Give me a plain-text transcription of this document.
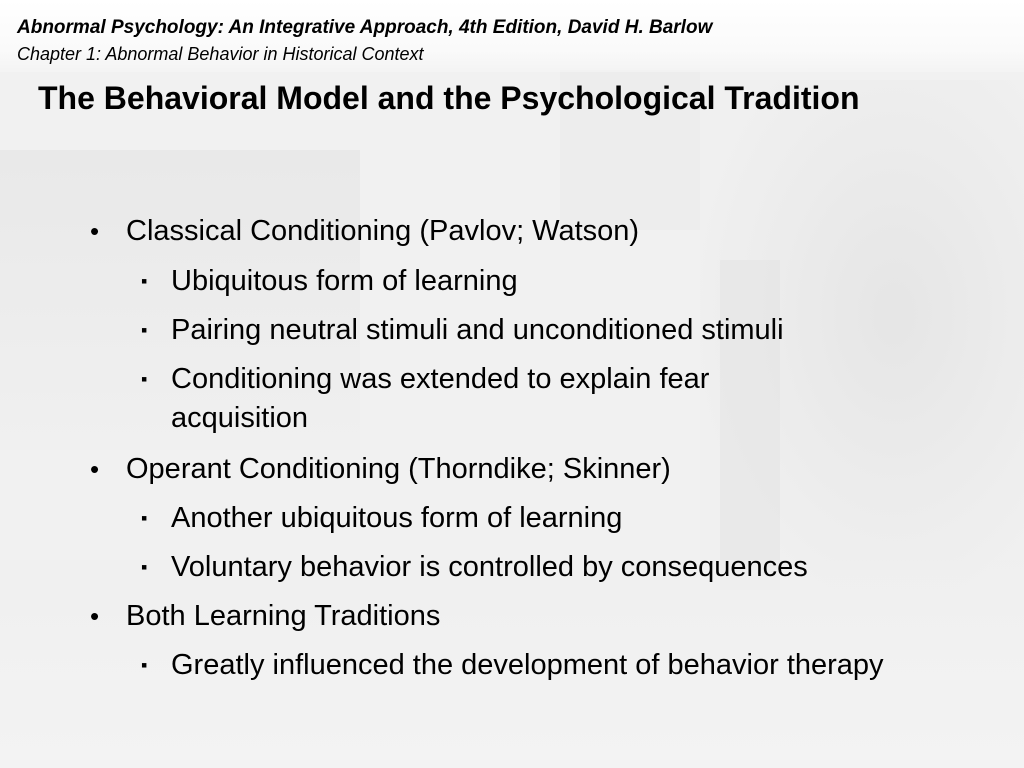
Abnormal Psychology: An Integrative Approach, 4th Edition, David H. Barlow
Chapter 1: Abnormal Behavior in Historical Context
The Behavioral Model and the Psychological Tradition
• Classical Conditioning (Pavlov; Watson)
▪ Ubiquitous form of learning
▪ Pairing neutral stimuli and unconditioned stimuli
▪ Conditioning was extended to explain fear acquisition
• Operant Conditioning (Thorndike; Skinner)
▪ Another ubiquitous form of learning
▪ Voluntary behavior is controlled by consequences
• Both Learning Traditions
▪ Greatly influenced the development of behavior therapy
